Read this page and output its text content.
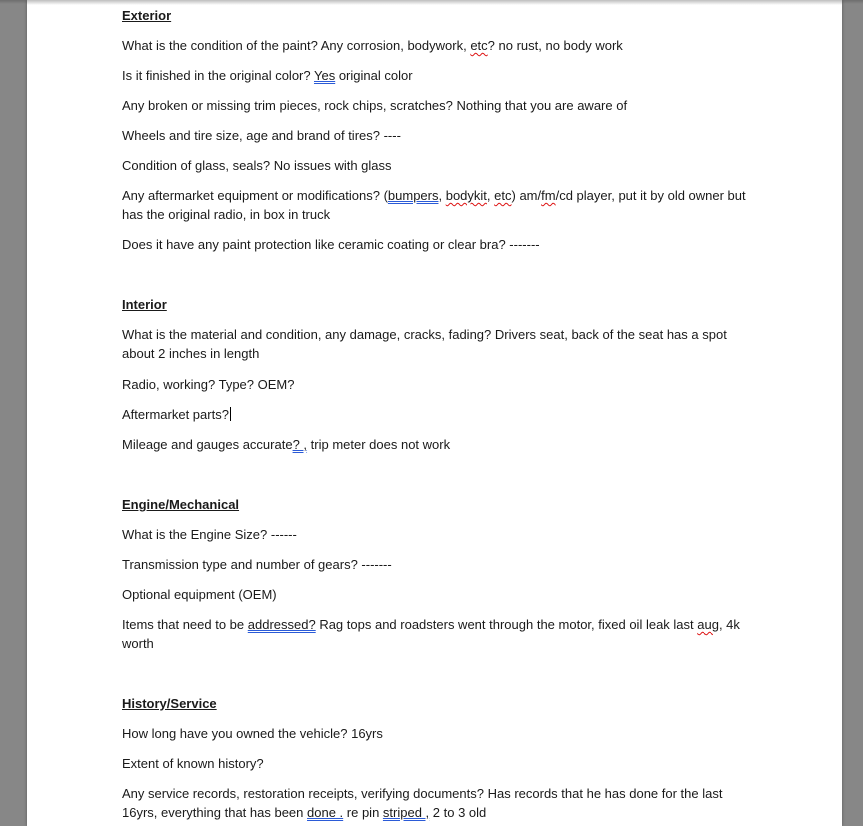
Exterior
What is the condition of the paint? Any corrosion, bodywork, etc? no rust, no body work
Is it finished in the original color? Yes original color
Any broken or missing trim pieces, rock chips, scratches? Nothing that you are aware of
Wheels and tire size, age and brand of tires? ----
Condition of glass, seals? No issues with glass
Any aftermarket equipment or modifications? (bumpers, bodykit, etc) am/fm/cd player, put it by old owner but has the original radio, in box in truck
Does it have any paint protection like ceramic coating or clear bra? -------
Interior
What is the material and condition, any damage, cracks, fading? Drivers seat, back of the seat has a spot about 2 inches in length
Radio, working? Type? OEM?
Aftermarket parts?
Mileage and gauges accurate? , trip meter does not work
Engine/Mechanical
What is the Engine Size? ------
Transmission type and number of gears? -------
Optional equipment (OEM)
Items that need to be addressed? Rag tops and roadsters went through the motor, fixed oil leak last aug, 4k worth
History/Service
How long have you owned the vehicle? 16yrs
Extent of known history?
Any service records, restoration receipts, verifying documents? Has records that he has done for the last 16yrs, everything that has been done . re pin striped , 2 to 3 old
